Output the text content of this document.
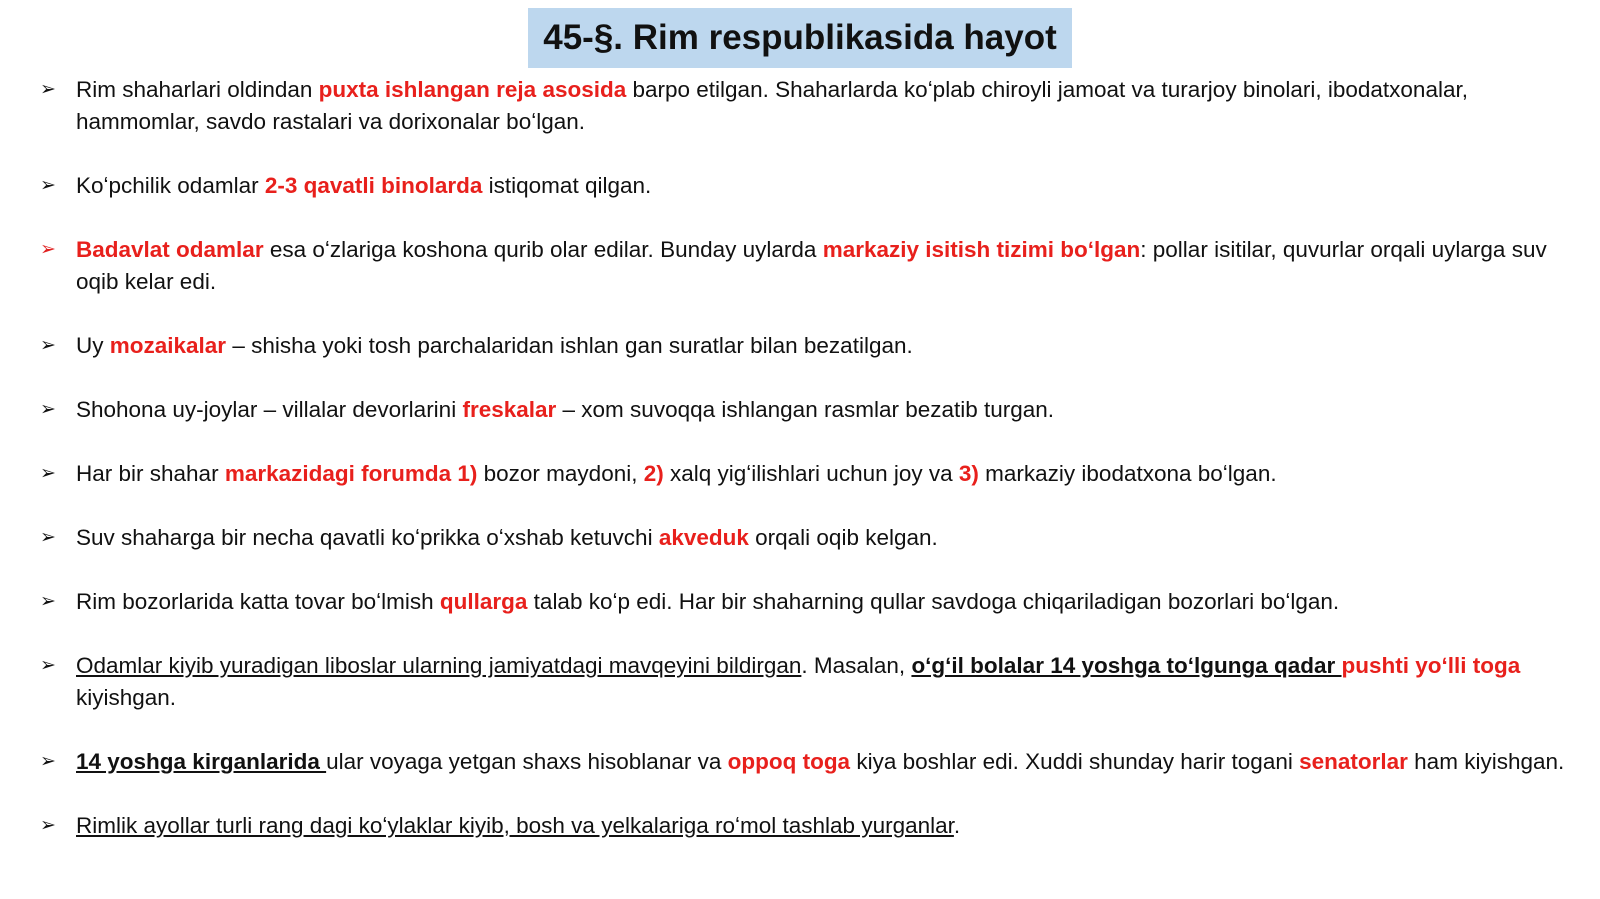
45-§. Rim respublikasida hayot
➢ Rim shaharlari oldindan puxta ishlangan reja asosida barpo etilgan. Shaharlarda koʻplab chiroyli jamoat va turarjoy binolari, ibodatxonalar, hammomlar, savdo rastalari va dorixonalar boʻlgan.
➢ Koʻpchilik odamlar 2-3 qavatli binolarda istiqomat qilgan.
➢ Badavlat odamlar esa oʻzlariga koshona qurib olar edilar. Bunday uylarda markaziy isitish tizimi boʻlgan: pollar isitilar, quvurlar orqali uylarga suv oqib kelar edi.
➢ Uy mozaikalar – shisha yoki tosh parchalaridan ishlan gan suratlar bilan bezatilgan.
➢ Shohona uy-joylar – villalar devorlarini freskalar – xom suvoqqa ishlangan rasmlar bezatib turgan.
➢ Har bir shahar markazidagi forumda 1) bozor maydoni, 2) xalq yigʻilishlari uchun joy va 3) markaziy ibodatxona boʻlgan.
➢ Suv shaharga bir necha qavatli koʻprikka oʻxshab ketuvchi akveduk orqali oqib kelgan.
➢ Rim bozorlarida katta tovar boʻlmish qullarga talab koʻp edi. Har bir shaharning qullar savdoga chiqariladigan bozorlari boʻlgan.
➢ Odamlar kiyib yuradigan liboslar ularning jamiyatdagi mavqeyini bildirgan. Masalan, oʻgʻil bolalar 14 yoshga toʻlgunga qadar pushti yoʻlli toga kiyishgan.
➢ 14 yoshga kirganlarida ular voyaga yetgan shaxs hisoblanar va oppoq toga kiya boshlar edi. Xuddi shunday harir togani senatorlar ham kiyishgan.
➢ Rimlik ayollar turli rang dagi koʻylaklar kiyib, bosh va yelkalariga roʻmol tashlab yurganlar.
